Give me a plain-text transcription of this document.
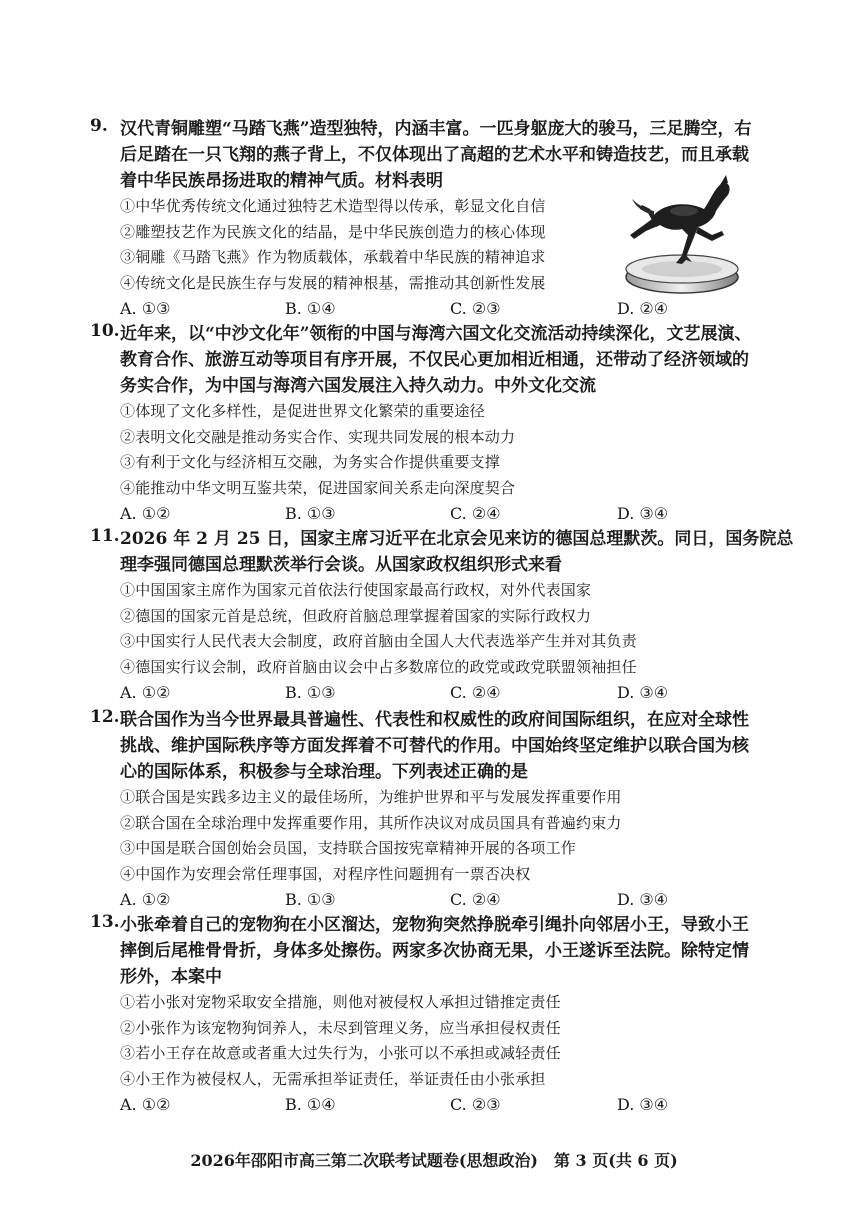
9. 汉代青铜雕塑“马踏飞燕”造型独特，内涵丰富。一匹身躯庞大的骏马，三足腾空，右
后足踏在一只飞翔的燕子背上，不仅体现出了高超的艺术水平和铸造技艺，而且承载
着中华民族昂扬进取的精神气质。材料表明
①中华优秀传统文化通过独特艺术造型得以传承，彰显文化自信
②雕塑技艺作为民族文化的结晶，是中华民族创造力的核心体现
③铜雕《马踏飞燕》作为物质载体，承载着中华民族的精神追求
④传统文化是民族生存与发展的精神根基，需推动其创新性发展
A. ①③	B. ①④	C. ②③	D. ②④
10. 近年来，以“中沙文化年”领衔的中国与海湾六国文化交流活动持续深化，文艺展演、
教育合作、旅游互动等项目有序开展，不仅民心更加相近相通，还带动了经济领域的
务实合作，为中国与海湾六国发展注入持久动力。中外文化交流
①体现了文化多样性，是促进世界文化繁荣的重要途径
②表明文化交融是推动务实合作、实现共同发展的根本动力
③有利于文化与经济相互交融，为务实合作提供重要支撑
④能推动中华文明互鉴共荣，促进国家间关系走向深度契合
A. ①②	B. ①③	C. ②④	D. ③④
11. 2026 年 2 月 25 日，国家主席习近平在北京会见来访的德国总理默茨。同日，国务院总
理李强同德国总理默茨举行会谈。从国家政权组织形式来看
①中国国家主席作为国家元首依法行使国家最高行政权，对外代表国家
②德国的国家元首是总统，但政府首脑总理掌握着国家的实际行政权力
③中国实行人民代表大会制度，政府首脑由全国人大代表选举产生并对其负责
④德国实行议会制，政府首脑由议会中占多数席位的政党或政党联盟领袖担任
A. ①②	B. ①③	C. ②④	D. ③④
12. 联合国作为当今世界最具普遍性、代表性和权威性的政府间国际组织，在应对全球性
挑战、维护国际秩序等方面发挥着不可替代的作用。中国始终坚定维护以联合国为核
心的国际体系，积极参与全球治理。下列表述正确的是
①联合国是实践多边主义的最佳场所，为维护世界和平与发展发挥重要作用
②联合国在全球治理中发挥重要作用，其所作决议对成员国具有普遍约束力
③中国是联合国创始会员国，支持联合国按宪章精神开展的各项工作
④中国作为安理会常任理事国，对程序性问题拥有一票否决权
A. ①②	B. ①③	C. ②④	D. ③④
13. 小张牵着自己的宠物狗在小区溜达，宠物狗突然挣脱牵引绳扑向邻居小王，导致小王
摔倒后尾椎骨骨折，身体多处擦伤。两家多次协商无果，小王遂诉至法院。除特定情
形外，本案中
①若小张对宠物采取安全措施，则他对被侵权人承担过错推定责任
②小张作为该宠物狗饲养人，未尽到管理义务，应当承担侵权责任
③若小王存在故意或者重大过失行为，小张可以不承担或减轻责任
④小王作为被侵权人，无需承担举证责任，举证责任由小张承担
A. ①②	B. ①④	C. ②③	D. ③④
2026年邵阳市高三第二次联考试题卷(思想政治)　第 3 页(共 6 页)
